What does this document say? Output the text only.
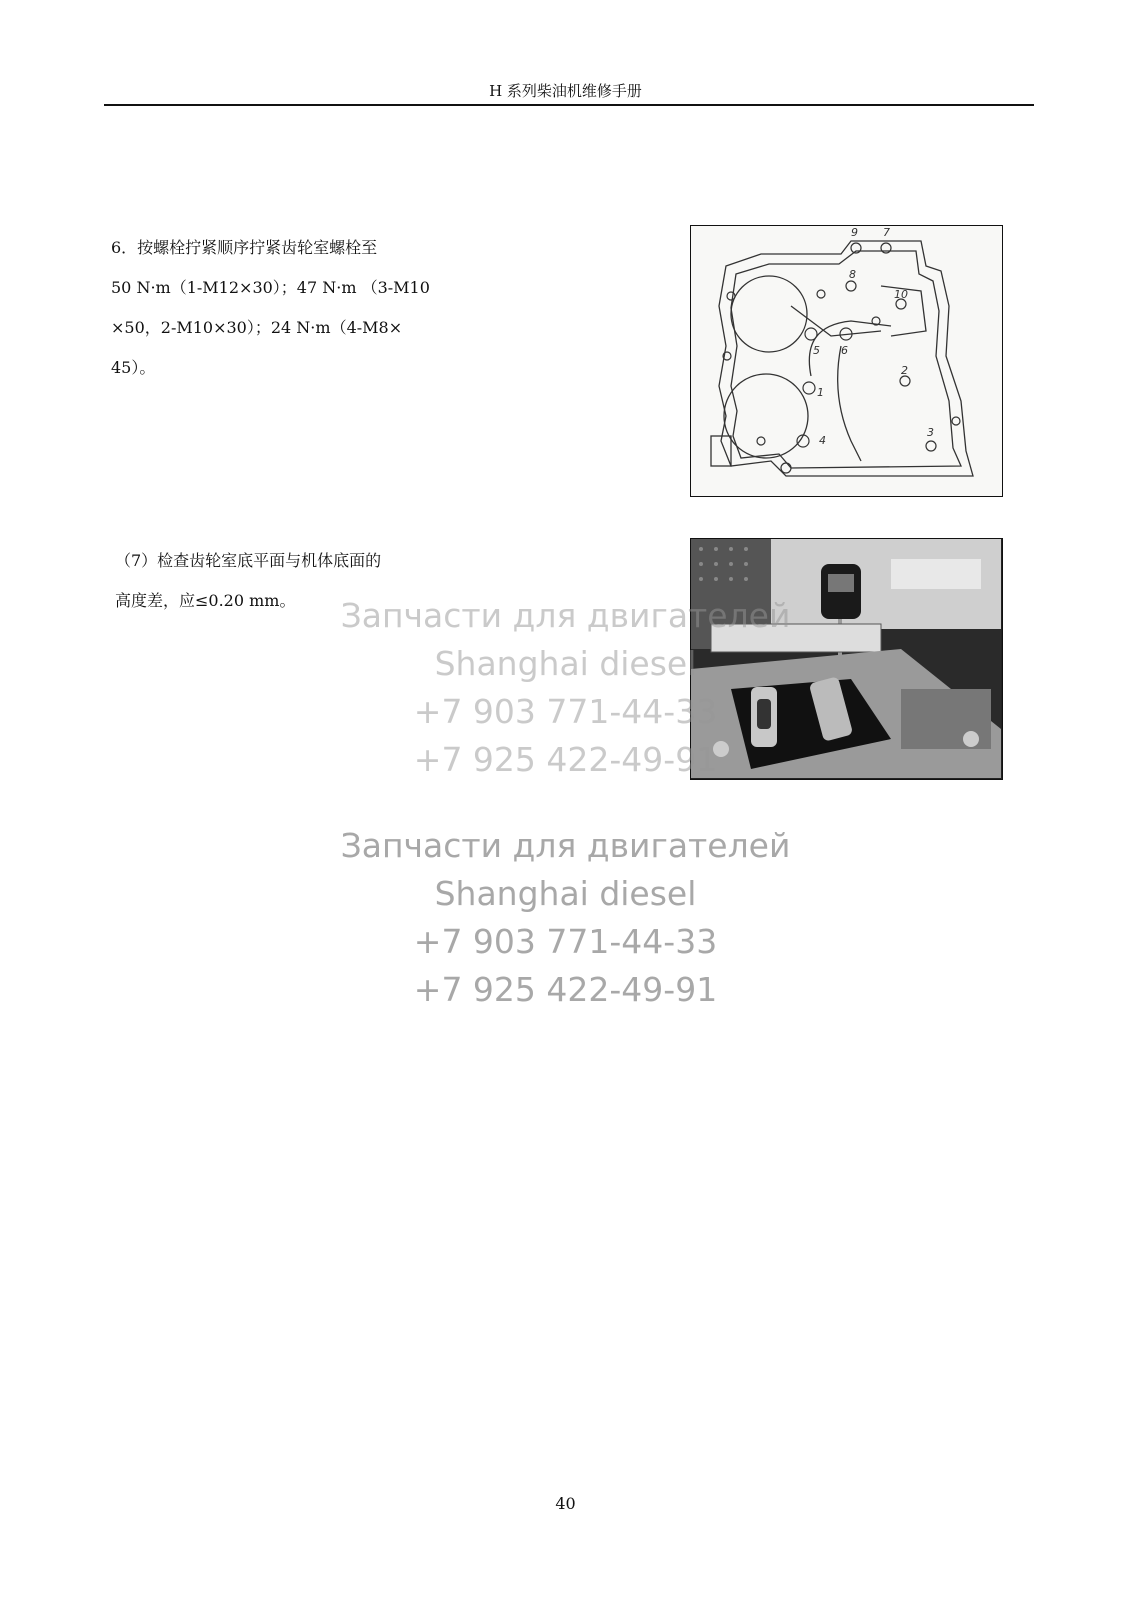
H 系列柴油机维修手册
6．按螺栓拧紧顺序拧紧齿轮室螺栓至
50 N·m（1-M12×30）；47 N·m （3-M10
×50，2-M10×30）；24 N·m（4-M8×
45）。
9 7
8
10
5 6
2
1
4
3
（7）检查齿轮室底平面与机体底面的
高度差，应≤0.20 mm。	Запчасти для двигателей
Shanghai diesel
+7 903 771-44-33
+7 925 422-49-91
Запчасти для двигателей
Shanghai diesel
+7 903 771-44-33
+7 925 422-49-91
40
